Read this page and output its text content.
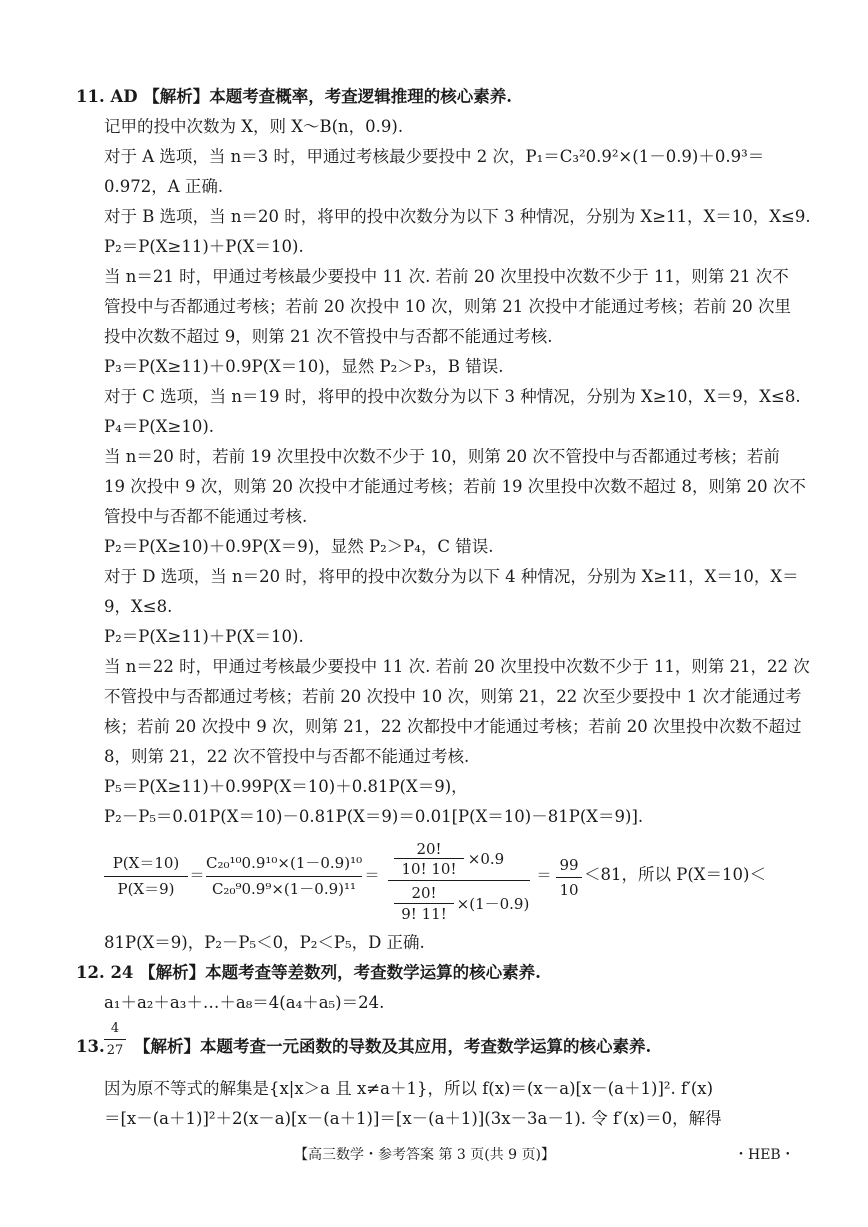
11. AD 【解析】本题考查概率，考查逻辑推理的核心素养.
记甲的投中次数为 X，则 X～B(n，0.9).
对于 A 选项，当 n＝3 时，甲通过考核最少要投中 2 次，P₁＝C₃²0.9²×(1－0.9)＋0.9³＝
0.972，A 正确.
对于 B 选项，当 n＝20 时，将甲的投中次数分为以下 3 种情况，分别为 X≥11，X＝10，X≤9.
P₂＝P(X≥11)＋P(X＝10).
当 n＝21 时，甲通过考核最少要投中 11 次. 若前 20 次里投中次数不少于 11，则第 21 次不
管投中与否都通过考核；若前 20 次投中 10 次，则第 21 次投中才能通过考核；若前 20 次里
投中次数不超过 9，则第 21 次不管投中与否都不能通过考核.
P₃＝P(X≥11)＋0.9P(X＝10)，显然 P₂＞P₃，B 错误.
对于 C 选项，当 n＝19 时，将甲的投中次数分为以下 3 种情况，分别为 X≥10，X＝9，X≤8.
P₄＝P(X≥10).
当 n＝20 时，若前 19 次里投中次数不少于 10，则第 20 次不管投中与否都通过考核；若前
19 次投中 9 次，则第 20 次投中才能通过考核；若前 19 次里投中次数不超过 8，则第 20 次不
管投中与否都不能通过考核.
P₂＝P(X≥10)＋0.9P(X＝9)，显然 P₂＞P₄，C 错误.
对于 D 选项，当 n＝20 时，将甲的投中次数分为以下 4 种情况，分别为 X≥11，X＝10，X＝
9，X≤8.
P₂＝P(X≥11)＋P(X＝10).
当 n＝22 时，甲通过考核最少要投中 11 次. 若前 20 次里投中次数不少于 11，则第 21，22 次
不管投中与否都通过考核；若前 20 次投中 10 次，则第 21，22 次至少要投中 1 次才能通过考
核；若前 20 次投中 9 次，则第 21，22 次都投中才能通过考核；若前 20 次里投中次数不超过
8，则第 21，22 次不管投中与否都不能通过考核.
P₅＝P(X≥11)＋0.99P(X＝10)＋0.81P(X＝9)，
P₂－P₅＝0.01P(X＝10)－0.81P(X＝9)＝0.01[P(X＝10)－81P(X＝9)].
P(X＝10)
P(X＝9)
＝
C₂₀¹⁰0.9¹⁰×(1－0.9)¹⁰
C₂₀⁹0.9⁹×(1－0.9)¹¹
＝
20!
10! 10!
×0.9
20!
9! 11!
×(1－0.9)
＝
99
10
＜81，所以 P(X＝10)＜
81P(X＝9)，P₂－P₅＜0，P₂＜P₅，D 正确.
12. 24 【解析】本题考查等差数列，考查数学运算的核心素养.
a₁＋a₂＋a₃＋…＋a₈＝4(a₄＋a₅)＝24.
13.
4
27 【解析】本题考查一元函数的导数及其应用，考查数学运算的核心素养.
因为原不等式的解集是{x|x＞a 且 x≠a＋1}，所以 f(x)＝(x－a)[x－(a＋1)]². f′(x)
＝[x－(a＋1)]²＋2(x－a)[x－(a＋1)]＝[x－(a＋1)](3x－3a－1). 令 f′(x)＝0，解得
【高三数学・参考答案 第 3 页(共 9 页)】	・HEB・
